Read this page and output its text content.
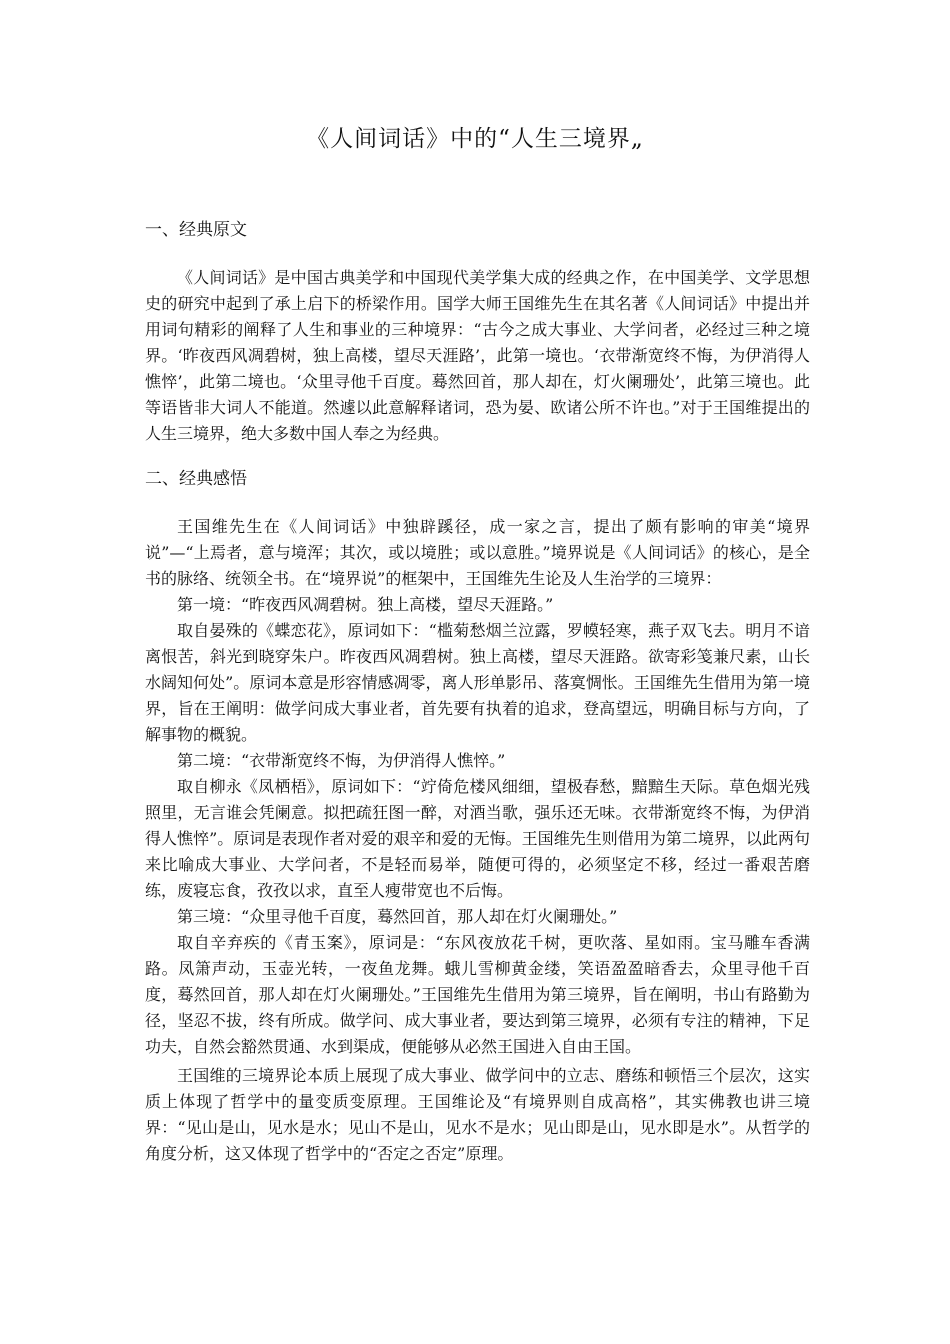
《人间词话》中的“人生三境界„
一、经典原文

《人间词话》是中国古典美学和中国现代美学集大成的经典之作，在中国美学、文学思想史的研究中起到了承上启下的桥梁作用。国学大师王国维先生在其名著《人间词话》中提出并用词句精彩的阐释了人生和事业的三种境界：“古今之成大事业、大学问者，必经过三种之境界。‘昨夜西风凋碧树，独上高楼，望尽天涯路’，此第一境也。‘衣带渐宽终不悔，为伊消得人憔悴’，此第二境也。‘众里寻他千百度。蓦然回首，那人却在，灯火阑珊处’，此第三境也。此等语皆非大词人不能道。然遽以此意解释诸词，恐为晏、欧诸公所不许也。”对于王国维提出的人生三境界，绝大多数中国人奉之为经典。

二、经典感悟

王国维先生在《人间词话》中独辟蹊径，成一家之言，提出了颇有影响的审美“境界说”—“上焉者，意与境浑；其次，或以境胜；或以意胜。”境界说是《人间词话》的核心，是全书的脉络、统领全书。在“境界说”的框架中，王国维先生论及人生治学的三境界：

第一境：“昨夜西风凋碧树。独上高楼，望尽天涯路。”

取自晏殊的《蝶恋花》，原词如下：“槛菊愁烟兰泣露，罗幙轻寒，燕子双飞去。明月不谙离恨苦，斜光到晓穿朱户。昨夜西风凋碧树。独上高楼，望尽天涯路。欲寄彩笺兼尺素，山长水阔知何处”。原词本意是形容情感凋零，离人形单影吊、落寞惆怅。王国维先生借用为第一境界，旨在王阐明：做学问成大事业者，首先要有执着的追求，登高望远，明确目标与方向，了解事物的概貌。

第二境：“衣带渐宽终不悔，为伊消得人憔悴。”

取自柳永《凤栖梧》，原词如下：“竚倚危楼风细细，望极春愁，黯黯生天际。草色烟光残照里，无言谁会凭阑意。拟把疏狂图一醉，对酒当歌，强乐还无味。衣带渐宽终不悔，为伊消得人憔悴”。原词是表现作者对爱的艰辛和爱的无悔。王国维先生则借用为第二境界，以此两句来比喻成大事业、大学问者，不是轻而易举，随便可得的，必须坚定不移，经过一番艰苦磨练，废寝忘食，孜孜以求，直至人瘦带宽也不后悔。

第三境：“众里寻他千百度，蓦然回首，那人却在灯火阑珊处。”

取自辛弃疾的《青玉案》，原词是：“东风夜放花千树，更吹落、星如雨。宝马雕车香满路。凤箫声动，玉壶光转，一夜鱼龙舞。蛾儿雪柳黄金缕，笑语盈盈暗香去，众里寻他千百度，蓦然回首，那人却在灯火阑珊处。”王国维先生借用为第三境界，旨在阐明，书山有路勤为径，坚忍不拔，终有所成。做学问、成大事业者，要达到第三境界，必须有专注的精神，下足功夫，自然会豁然贯通、水到渠成，便能够从必然王国进入自由王国。

王国维的三境界论本质上展现了成大事业、做学问中的立志、磨练和顿悟三个层次，这实质上体现了哲学中的量变质变原理。王国维论及“有境界则自成高格”，其实佛教也讲三境界：“见山是山，见水是水；见山不是山，见水不是水；见山即是山，见水即是水”。从哲学的角度分析，这又体现了哲学中的“否定之否定”原理。
